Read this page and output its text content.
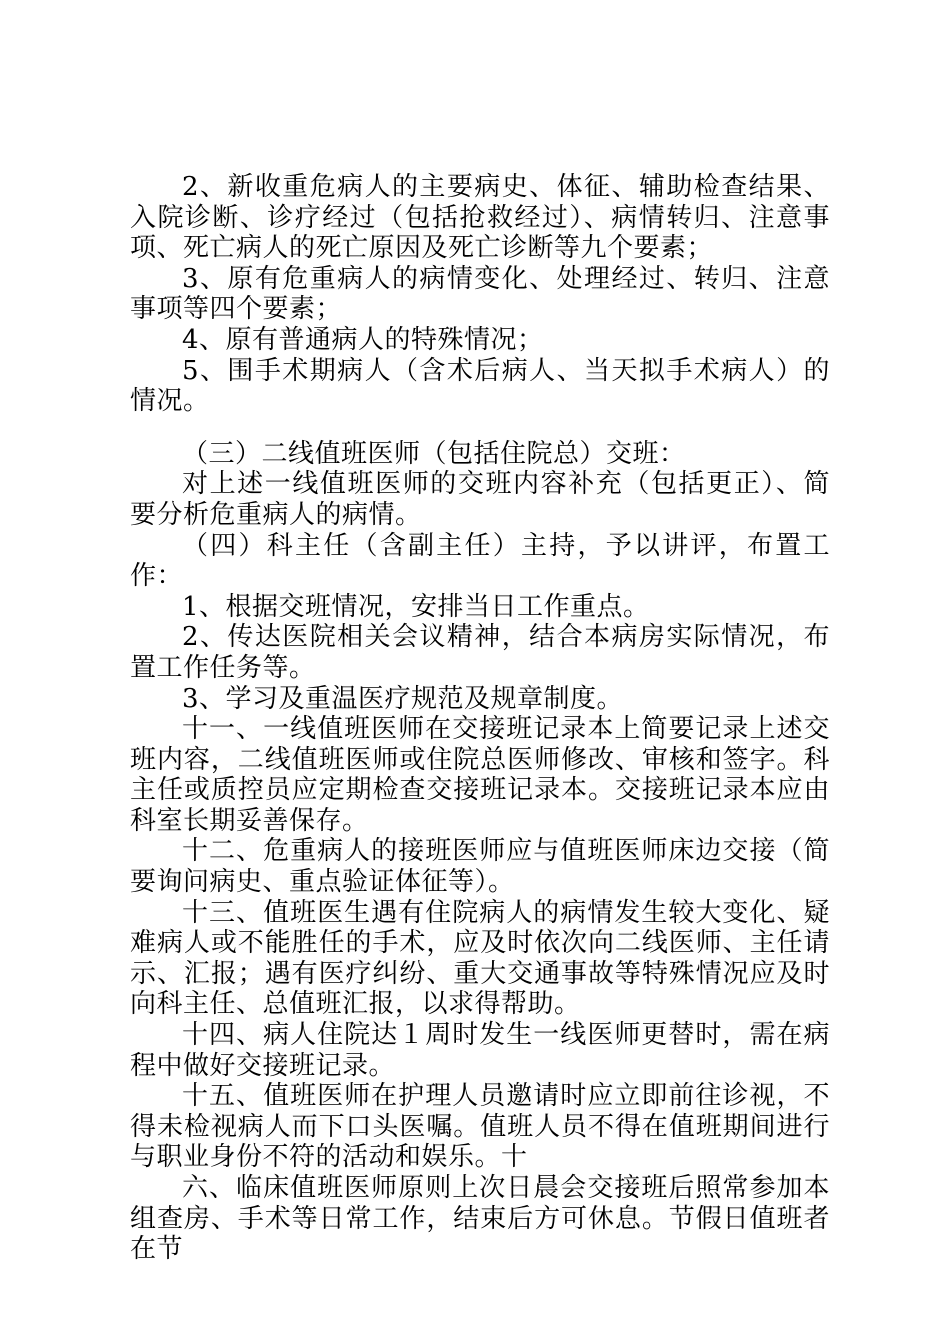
2、新收重危病人的主要病史、体征、辅助检查结果、入院诊断、诊疗经过（包括抢救经过）、病情转归、注意事项、死亡病人的死亡原因及死亡诊断等九个要素；

3、原有危重病人的病情变化、处理经过、转归、注意事项等四个要素；

4、原有普通病人的特殊情况；

5、围手术期病人（含术后病人、当天拟手术病人）的情况。

（三）二线值班医师（包括住院总）交班：

对上述一线值班医师的交班内容补充（包括更正）、简要分析危重病人的病情。

（四）科主任（含副主任）主持，予以讲评，布置工作：

1、根据交班情况，安排当日工作重点。

2、传达医院相关会议精神，结合本病房实际情况，布置工作任务等。

3、学习及重温医疗规范及规章制度。

十一、一线值班医师在交接班记录本上简要记录上述交班内容，二线值班医师或住院总医师修改、审核和签字。科主任或质控员应定期检查交接班记录本。交接班记录本应由科室长期妥善保存。

十二、危重病人的接班医师应与值班医师床边交接（简要询问病史、重点验证体征等）。

十三、值班医生遇有住院病人的病情发生较大变化、疑难病人或不能胜任的手术，应及时依次向二线医师、主任请示、汇报；遇有医疗纠纷、重大交通事故等特殊情况应及时向科主任、总值班汇报，以求得帮助。

十四、病人住院达１周时发生一线医师更替时，需在病程中做好交接班记录。

十五、值班医师在护理人员邀请时应立即前往诊视，不得未检视病人而下口头医嘱。值班人员不得在值班期间进行与职业身份不符的活动和娱乐。十

六、临床值班医师原则上次日晨会交接班后照常参加本组查房、手术等日常工作，结束后方可休息。节假日值班者在节
